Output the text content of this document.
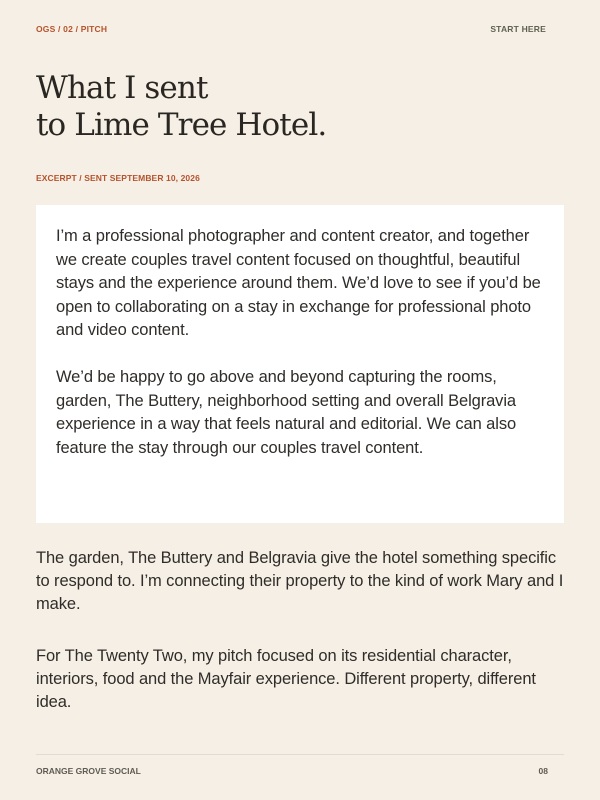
OGS / 02 / PITCH	START HERE
What I sent
to Lime Tree Hotel.
EXCERPT / SENT SEPTEMBER 10, 2026

I’m a professional photographer and content creator, and together we create couples travel content focused on thoughtful, beautiful stays and the experience around them. We’d love to see if you’d be open to collaborating on a stay in exchange for professional photo and video content.

We’d be happy to go above and beyond capturing the rooms, garden, The Buttery, neighborhood setting and overall Belgravia experience in a way that feels natural and editorial. We can also feature the stay through our couples travel content.

The garden, The Buttery and Belgravia give the hotel something specific to respond to. I’m connecting their property to the kind of work Mary and I make.

For The Twenty Two, my pitch focused on its residential character, interiors, food and the Mayfair experience. Different property, different idea.

ORANGE GROVE SOCIAL	08
